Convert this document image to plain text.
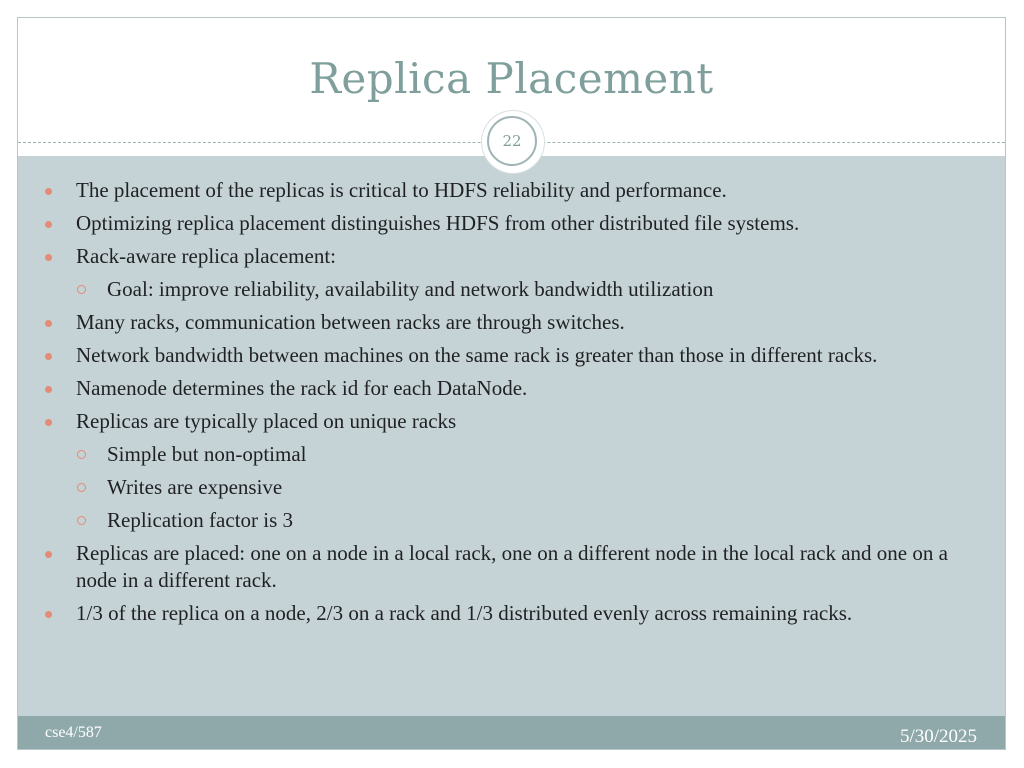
Replica Placement
22
The placement of the replicas is critical to HDFS reliability and performance.
Optimizing replica placement distinguishes HDFS from other distributed file systems.
Rack-aware replica placement:
Goal: improve reliability, availability and network bandwidth utilization
Many racks, communication between racks are through switches.
Network bandwidth between machines on the same rack is greater than those in different racks.
Namenode determines the rack id for each DataNode.
Replicas are typically placed on unique racks
Simple but non-optimal
Writes are expensive
Replication factor is 3
Replicas are placed: one on a node in a local rack, one on a different node in the local rack and one on a node in a different rack.
1/3 of the replica on a node, 2/3 on a rack and 1/3 distributed evenly across remaining racks.
cse4/587	5/30/2025
